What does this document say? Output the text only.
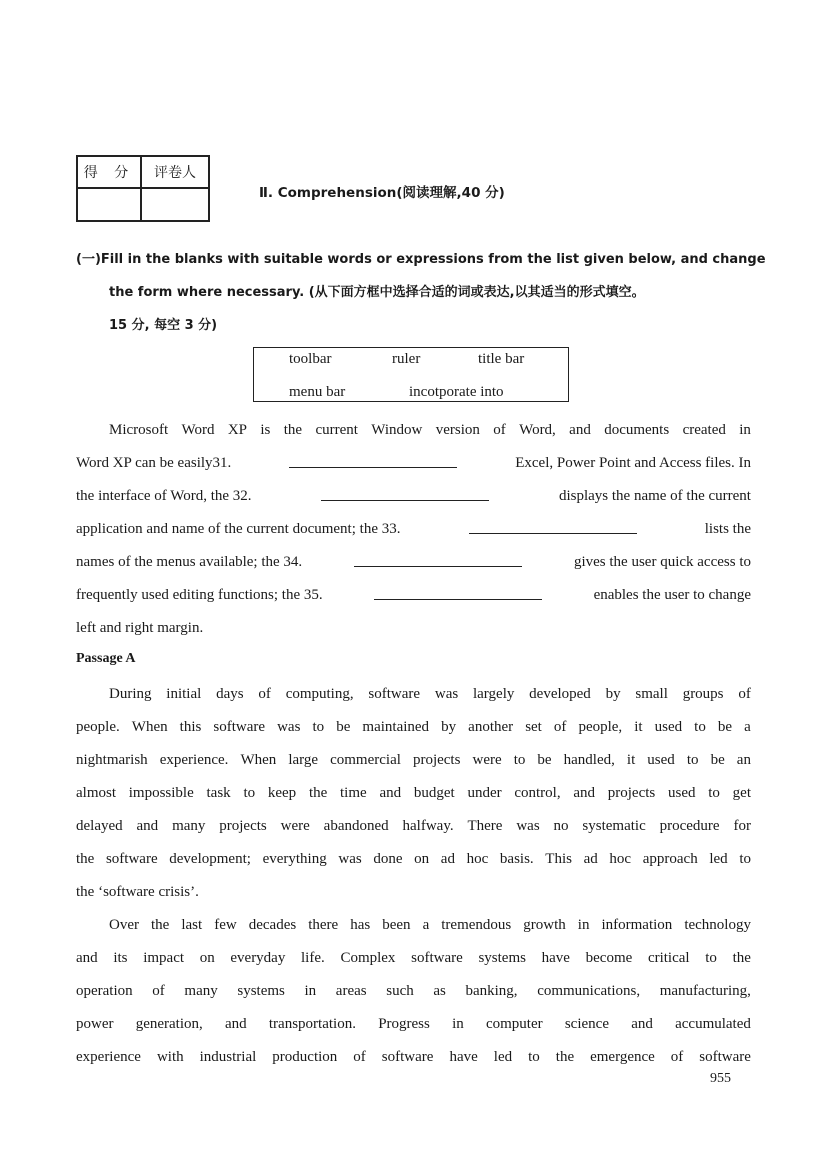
得 分	评卷人

Ⅱ. Comprehension(阅读理解,40 分)
(一)Fill in the blanks with suitable words or expressions from the list given below, and change
the form where necessary. (从下面方框中选择合适的词或表达,以其适当的形式填空。
15 分, 每空 3 分)
toolbar	ruler	title bar
menu bar	incotporate into
Microsoft Word XP is the current Window version of Word, and documents created in
Word XP can be easily31.	Excel, Power Point and Access files. In
the interface of Word, the 32.	displays the name of the current
application and name of the current document; the 33.	lists the
names of the menus available; the 34.	gives the user quick access to
frequently used editing functions; the 35.	enables the user to change
left and right margin.
Passage A
During initial days of computing, software was largely developed by small groups of
people. When this software was to be maintained by another set of people, it used to be a
nightmarish experience. When large commercial projects were to be handled, it used to be an
almost impossible task to keep the time and budget under control, and projects used to get
delayed and many projects were abandoned halfway. There was no systematic procedure for
the software development; everything was done on ad hoc basis. This ad hoc approach led to
the ‘software crisis’.
Over the last few decades there has been a tremendous growth in information technology
and its impact on everyday life. Complex software systems have become critical to the
operation of many systems in areas such as banking, communications, manufacturing,
power generation, and transportation. Progress in computer science and accumulated
experience with industrial production of software have led to the emergence of software
955
